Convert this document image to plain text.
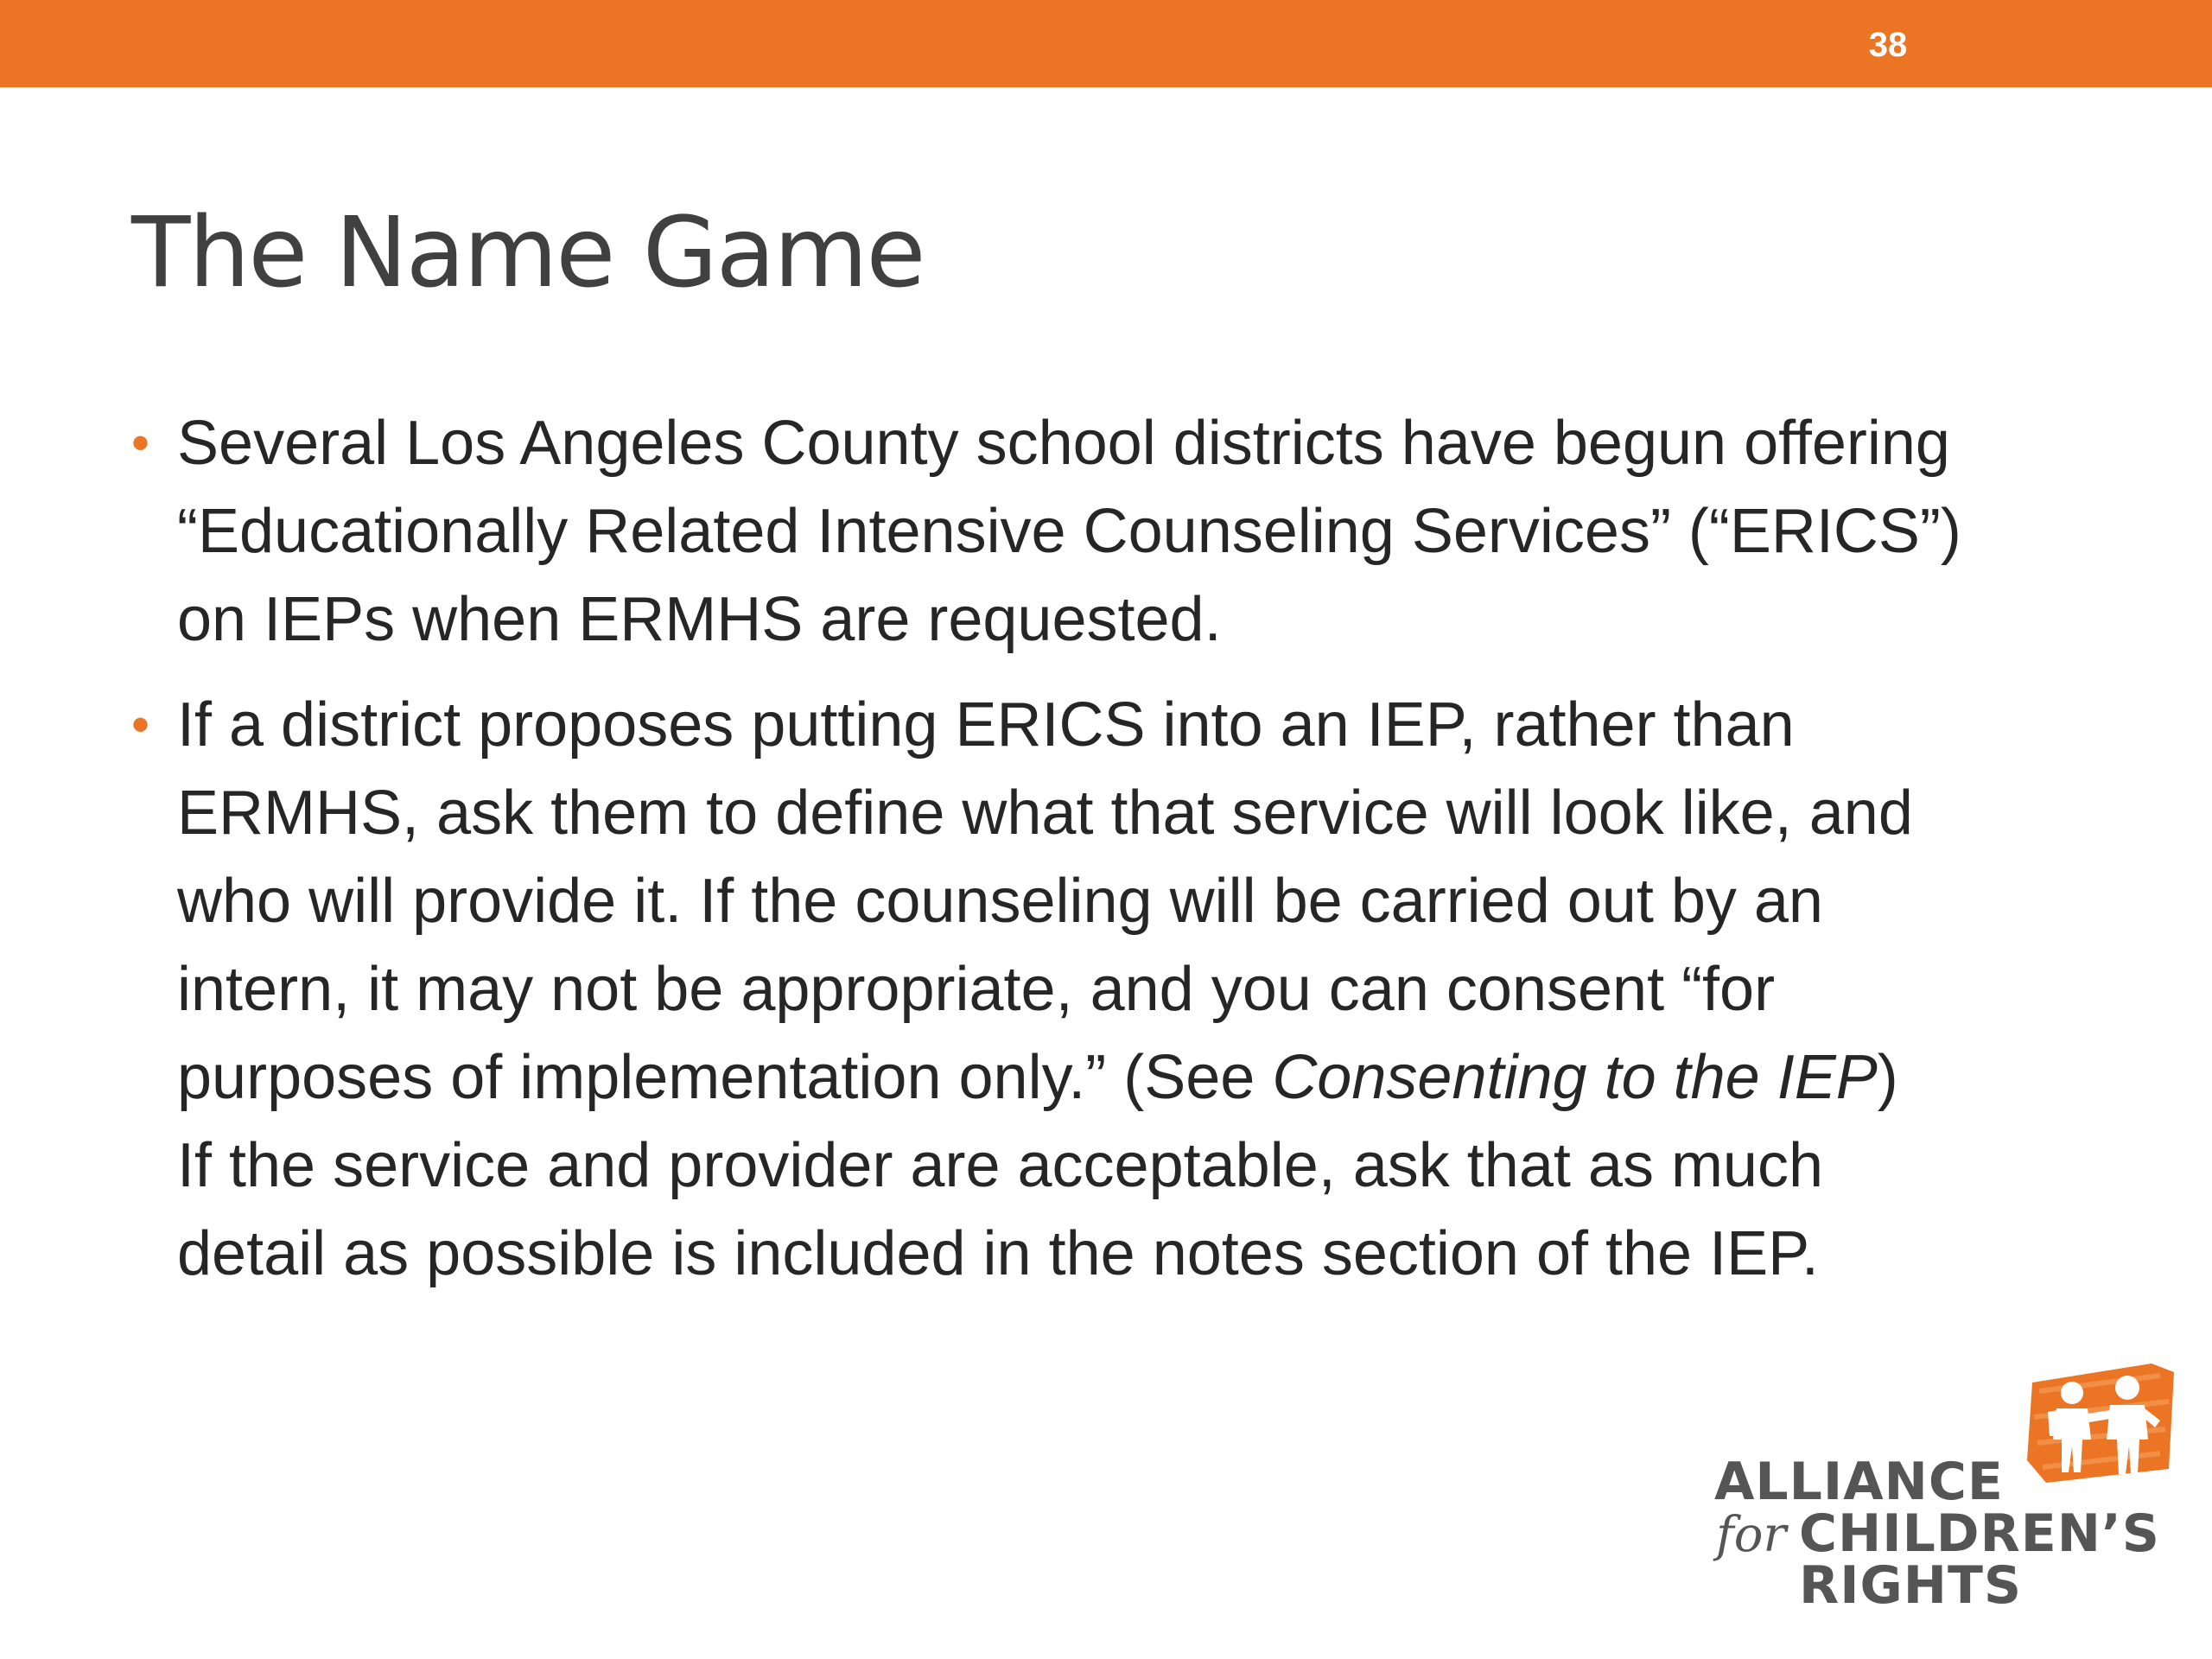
38
The Name Game
• Several Los Angeles County school districts have begun offering
“Educationally Related Intensive Counseling Services” (“ERICS”)
on IEPs when ERMHS are requested.
• If a district proposes putting ERICS into an IEP, rather than
ERMHS, ask them to define what that service will look like, and
who will provide it. If the counseling will be carried out by an
intern, it may not be appropriate, and you can consent “for
purposes of implementation only.” (See Consenting to the IEP)
If the service and provider are acceptable, ask that as much
detail as possible is included in the notes section of the IEP.
ALLIANCE
for CHILDREN’S
RIGHTS
